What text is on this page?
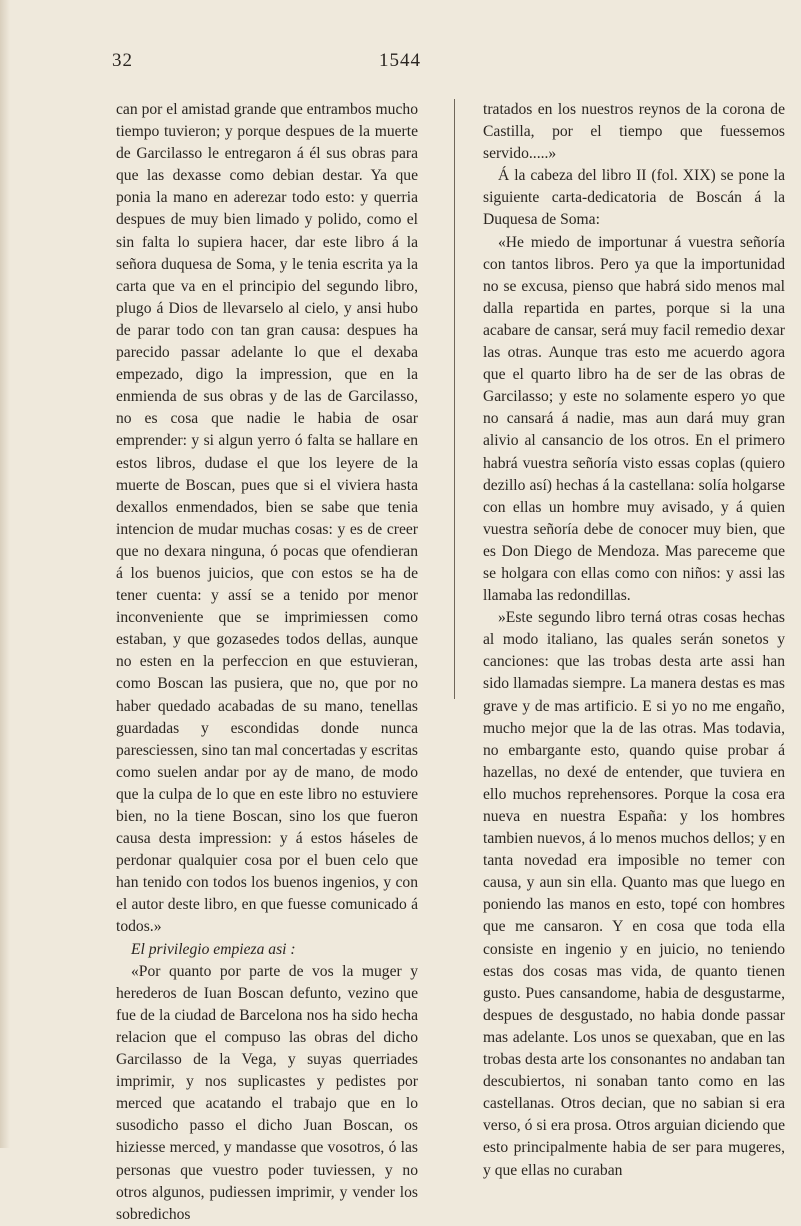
32	1544

can por el amistad grande que entrambos mucho tiempo tuvieron; y porque despues de la muerte de Garcilasso le entregaron á él sus obras para que las dexasse como debian destar. Ya que ponia la mano en aderezar todo esto: y querria despues de muy bien limado y polido, como el sin falta lo supiera hacer, dar este libro á la señora duquesa de Soma, y le tenia escrita ya la carta que va en el principio del segundo libro, plugo á Dios de llevarselo al cielo, y ansi hubo de parar todo con tan gran causa: despues ha parecido passar adelante lo que el dexaba empezado, digo la impression, que en la enmienda de sus obras y de las de Garcilasso, no es cosa que nadie le habia de osar emprender: y si algun yerro ó falta se hallare en estos libros, dudase el que los leyere de la muerte de Boscan, pues que si el viviera hasta dexallos enmendados, bien se sabe que tenia intencion de mudar muchas cosas: y es de creer que no dexara ninguna, ó pocas que ofendieran á los buenos juicios, que con estos se ha de tener cuenta: y assí se a tenido por menor inconveniente que se imprimiessen como estaban, y que gozasedes todos dellas, aunque no esten en la perfeccion en que estuvieran, como Boscan las pusiera, que no, que por no haber quedado acabadas de su mano, tenellas guardadas y escondidas donde nunca paresciessen, sino tan mal concertadas y escritas como suelen andar por ay de mano, de modo que la culpa de lo que en este libro no estuviere bien, no la tiene Boscan, sino los que fueron causa desta impression: y á estos háseles de perdonar qualquier cosa por el buen celo que han tenido con todos los buenos ingenios, y con el autor deste libro, en que fuesse comunicado á todos.»

El privilegio empieza asi :

«Por quanto por parte de vos la muger y herederos de Iuan Boscan defunto, vezino que fue de la ciudad de Barcelona nos ha sido hecha relacion que el compuso las obras del dicho Garcilasso de la Vega, y suyas querriades imprimir, y nos suplicastes y pedistes por merced que acatando el trabajo que en lo susodicho passo el dicho Juan Boscan, os hiziesse merced, y mandasse que vosotros, ó las personas que vuestro poder tuviessen, y no otros algunos, pudiessen imprimir, y vender los sobredichos

tratados en los nuestros reynos de la corona de Castilla, por el tiempo que fuessemos servido.....»

Á la cabeza del libro II (fol. XIX) se pone la siguiente carta-dedicatoria de Boscán á la Duquesa de Soma:

«He miedo de importunar á vuestra señoría con tantos libros. Pero ya que la importunidad no se excusa, pienso que habrá sido menos mal dalla repartida en partes, porque si la una acabare de cansar, será muy facil remedio dexar las otras. Aunque tras esto me acuerdo agora que el quarto libro ha de ser de las obras de Garcilasso; y este no solamente espero yo que no cansará á nadie, mas aun dará muy gran alivio al cansancio de los otros. En el primero habrá vuestra señoría visto essas coplas (quiero dezillo así) hechas á la castellana: solía holgarse con ellas un hombre muy avisado, y á quien vuestra señoría debe de conocer muy bien, que es Don Diego de Mendoza. Mas pareceme que se holgara con ellas como con niños: y assi las llamaba las redondillas.

»Este segundo libro terná otras cosas hechas al modo italiano, las quales serán sonetos y canciones: que las trobas desta arte assi han sido llamadas siempre. La manera destas es mas grave y de mas artificio. E si yo no me engaño, mucho mejor que la de las otras. Mas todavia, no embargante esto, quando quise probar á hazellas, no dexé de entender, que tuviera en ello muchos reprehensores. Porque la cosa era nueva en nuestra España: y los hombres tambien nuevos, á lo menos muchos dellos; y en tanta novedad era imposible no temer con causa, y aun sin ella. Quanto mas que luego en poniendo las manos en esto, topé con hombres que me cansaron. Y en cosa que toda ella consiste en ingenio y en juicio, no teniendo estas dos cosas mas vida, de quanto tienen gusto. Pues cansandome, habia de desgustarme, despues de desgustado, no habia donde passar mas adelante. Los unos se quexaban, que en las trobas desta arte los consonantes no andaban tan descubiertos, ni sonaban tanto como en las castellanas. Otros decian, que no sabian si era verso, ó si era prosa. Otros arguian diciendo que esto principalmente habia de ser para mugeres, y que ellas no curaban
